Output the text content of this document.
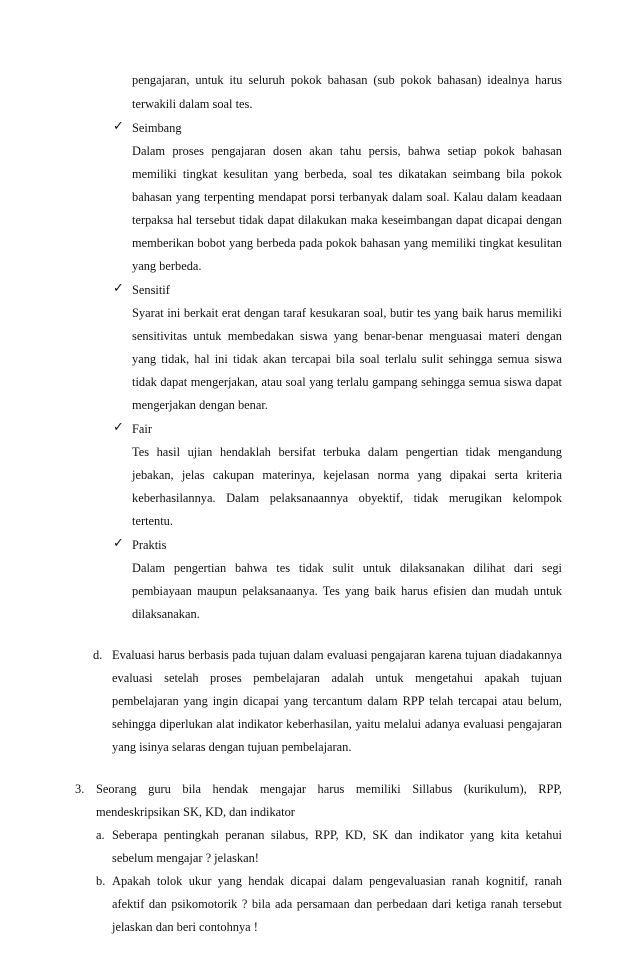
pengajaran, untuk itu seluruh pokok bahasan (sub pokok bahasan) idealnya harus
terwakili dalam soal tes.
✓ Seimbang
Dalam proses pengajaran dosen akan tahu persis, bahwa setiap pokok bahasan
memiliki tingkat kesulitan yang berbeda, soal tes dikatakan seimbang bila pokok
bahasan yang terpenting mendapat porsi terbanyak dalam soal. Kalau dalam keadaan
terpaksa hal tersebut tidak dapat dilakukan maka keseimbangan dapat dicapai dengan
memberikan bobot yang berbeda pada pokok bahasan yang memiliki tingkat kesulitan
yang berbeda.
✓ Sensitif
Syarat ini berkait erat dengan taraf kesukaran soal, butir tes yang baik harus memiliki
sensitivitas untuk membedakan siswa yang benar-benar menguasai materi dengan
yang tidak, hal ini tidak akan tercapai bila soal terlalu sulit sehingga semua siswa
tidak dapat mengerjakan, atau soal yang terlalu gampang sehingga semua siswa dapat
mengerjakan dengan benar.
✓ Fair
Tes hasil ujian hendaklah bersifat terbuka dalam pengertian tidak mengandung
jebakan, jelas cakupan materinya, kejelasan norma yang dipakai serta kriteria
keberhasilannya. Dalam pelaksanaannya obyektif, tidak merugikan kelompok
tertentu.
✓ Praktis
Dalam pengertian bahwa tes tidak sulit untuk dilaksanakan dilihat dari segi
pembiayaan maupun pelaksanaanya. Tes yang baik harus efisien dan mudah untuk
dilaksanakan.
d. Evaluasi harus berbasis pada tujuan dalam evaluasi pengajaran karena tujuan diadakannya
evaluasi setelah proses pembelajaran adalah untuk mengetahui apakah tujuan
pembelajaran yang ingin dicapai yang tercantum dalam RPP telah tercapai atau belum,
sehingga diperlukan alat indikator keberhasilan, yaitu melalui adanya evaluasi pengajaran
yang isinya selaras dengan tujuan pembelajaran.
3. Seorang guru bila hendak mengajar harus memiliki Sillabus (kurikulum), RPP,
mendeskripsikan SK, KD, dan indikator
a. Seberapa pentingkah peranan silabus, RPP, KD, SK dan indikator yang kita ketahui
sebelum mengajar ? jelaskan!
b. Apakah tolok ukur yang hendak dicapai dalam pengevaluasian ranah kognitif, ranah
afektif dan psikomotorik ? bila ada persamaan dan perbedaan dari ketiga ranah tersebut
jelaskan dan beri contohnya !
